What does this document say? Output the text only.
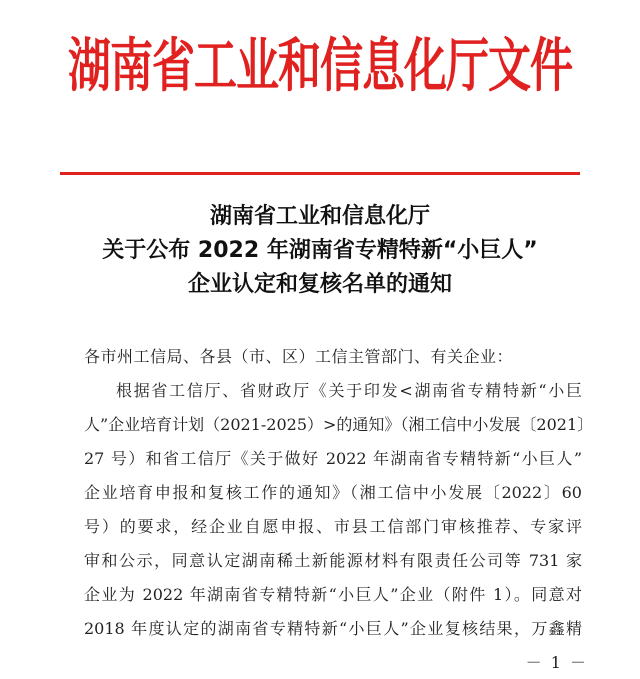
湖南省工业和信息化厅文件
湖南省工业和信息化厅
关于公布 2022 年湖南省专精特新“小巨人”
企业认定和复核名单的通知
各市州工信局、各县（市、区）工信主管部门、有关企业：
根据省工信厅、省财政厅《关于印发<湖南省专精特新“小巨
人”企业培育计划（2021-2025）>的通知》（湘工信中小发展〔2021〕
27 号）和省工信厅《关于做好 2022 年湖南省专精特新“小巨人”
企业培育申报和复核工作的通知》（湘工信中小发展〔2022〕60
号）的要求，经企业自愿申报、市县工信部门审核推荐、专家评
审和公示，同意认定湖南稀土新能源材料有限责任公司等 731 家
企业为 2022 年湖南省专精特新“小巨人”企业（附件 1）。同意对
2018 年度认定的湖南省专精特新“小巨人”企业复核结果，万鑫精
－ 1 －
